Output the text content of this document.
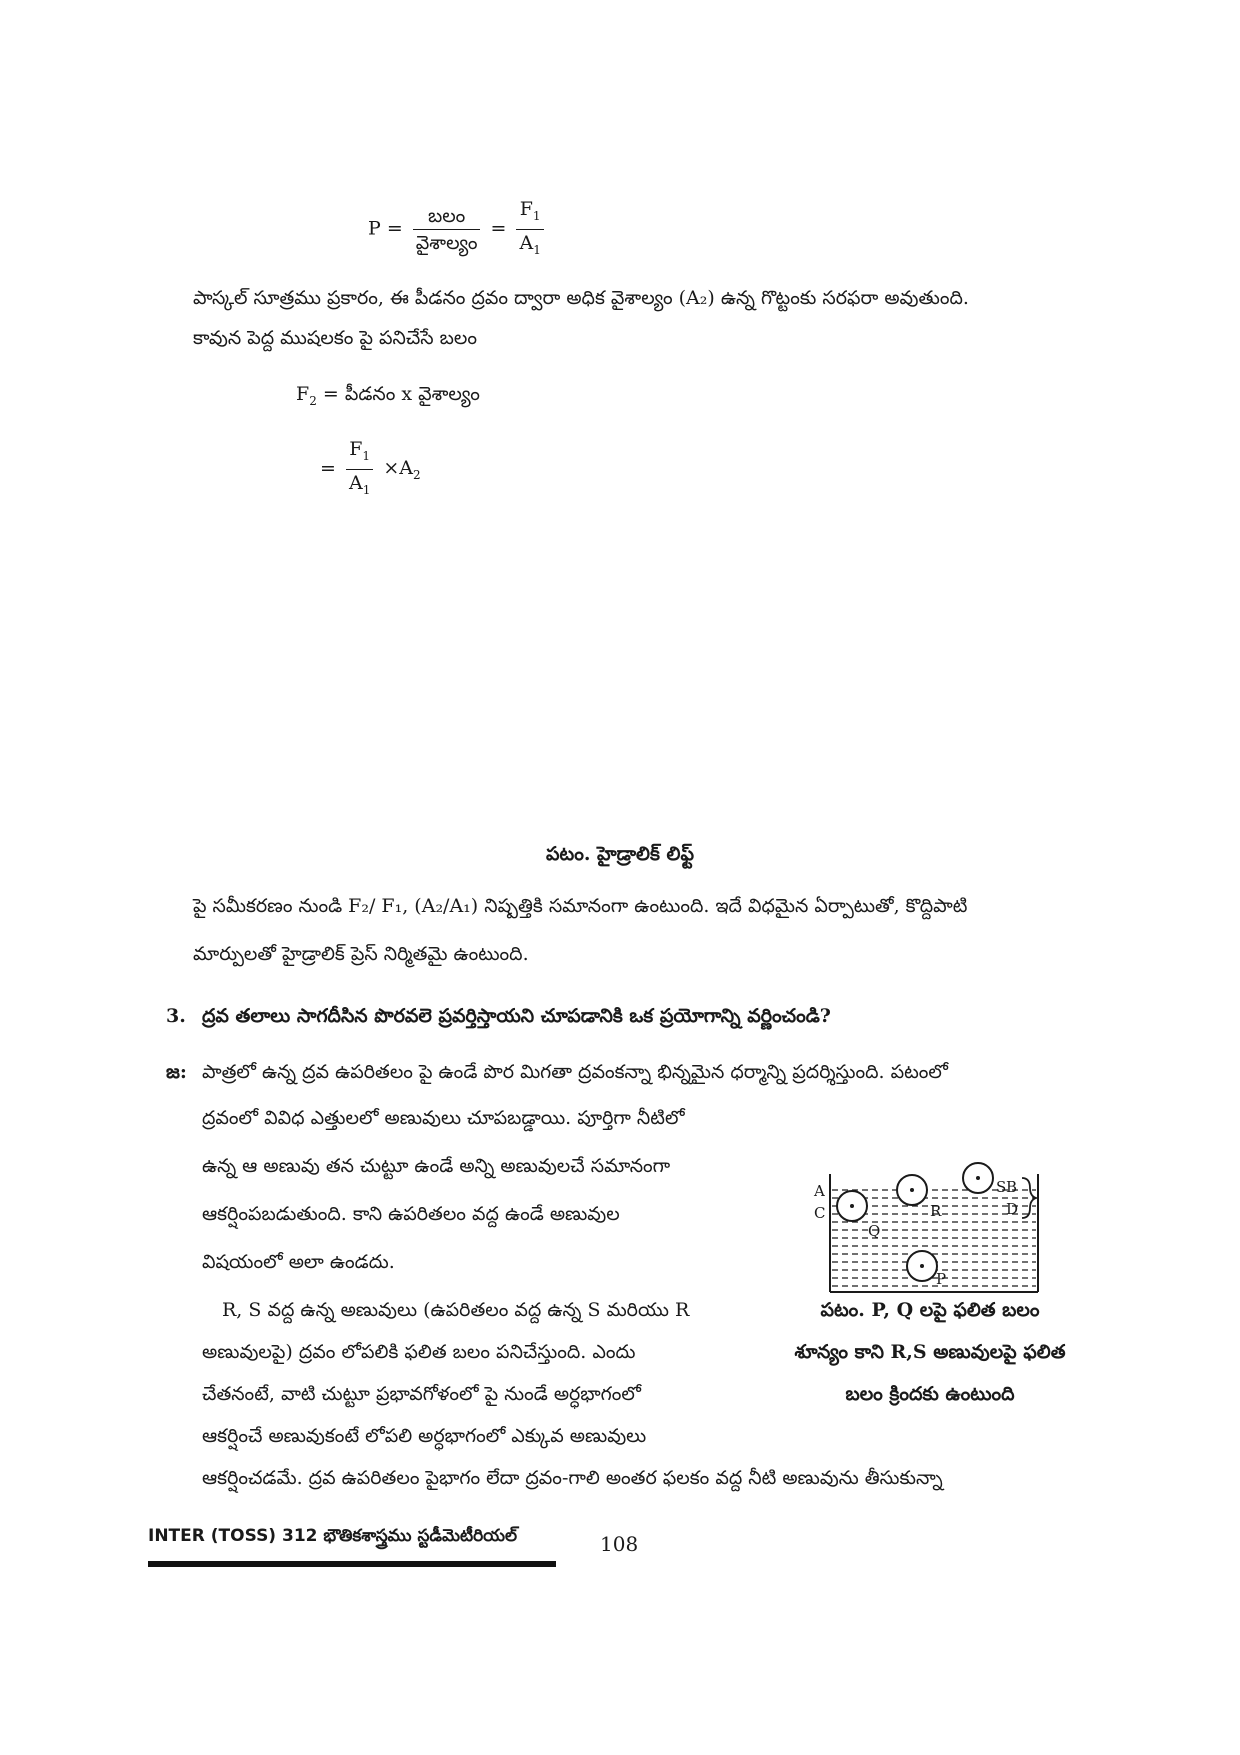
$P = \frac{\text{బలం}}{\text{వైశాల్యం}} = \frac{F_1}{A_1}$
పాస్కల్ సూత్రము ప్రకారం, ఈ పీడనం ద్రవం ద్వారా అధిక వైశాల్యం (A₂) ఉన్న గొట్టంకు సరఫరా అవుతుంది.
కావున పెద్ద ముషలకం పై పనిచేసే బలం
$F_2$ = పీడనం x వైశాల్యం
= $\frac{F_1}{A_1} \times A_2$
పటం. హైడ్రాలిక్ లిఫ్ట్
పై సమీకరణం నుండి F₂/ F₁, (A₂/A₁) నిష్పత్తికి సమానంగా ఉంటుంది. ఇదే విధమైన ఏర్పాటుతో, కొద్దిపాటి
మార్పులతో హైడ్రాలిక్ ప్రెస్ నిర్మితమై ఉంటుంది.
3. ద్రవ తలాలు సాగదీసిన పొరవలె ప్రవర్తిస్తాయని చూపడానికి ఒక ప్రయోగాన్ని వర్ణించండి?
జ: పాత్రలో ఉన్న ద్రవ ఉపరితలం పై ఉండే పొర మిగతా ద్రవంకన్నా భిన్నమైన ధర్మాన్ని ప్రదర్శిస్తుంది. పటంలో
ద్రవంలో వివిధ ఎత్తులలో అణువులు చూపబడ్డాయి. పూర్తిగా నీటిలో
ఉన్న ఆ అణువు తన చుట్టూ ఉండే అన్ని అణువులచే సమానంగా
ఆకర్షింపబడుతుంది. కాని ఉపరితలం వద్ద ఉండే అణువుల
విషయంలో అలా ఉండదు.
R, S వద్ద ఉన్న అణువులు (ఉపరితలం వద్ద ఉన్న S మరియు R
అణువులపై) ద్రవం లోపలికి ఫలిత బలం పనిచేస్తుంది. ఎందు
చేతనంటే, వాటి చుట్టూ ప్రభావగోళంలో పై నుండే అర్ధభాగంలో
ఆకర్షించే అణువుకంటే లోపలి అర్ధభాగంలో ఎక్కువ అణువులు
ఆకర్షించడమే. ద్రవ ఉపరితలం పైభాగం లేదా ద్రవం-గాలి అంతర ఫలకం వద్ద నీటి అణువును తీసుకున్నా
A
C
Q
R
S B
D
P
పటం. P, Q లపై ఫలిత బలం
శూన్యం కాని R,S అణువులపై ఫలిత
బలం క్రిందకు ఉంటుంది
INTER (TOSS) 312 భౌతికశాస్త్రము స్టడీమెటీరియల్	108
